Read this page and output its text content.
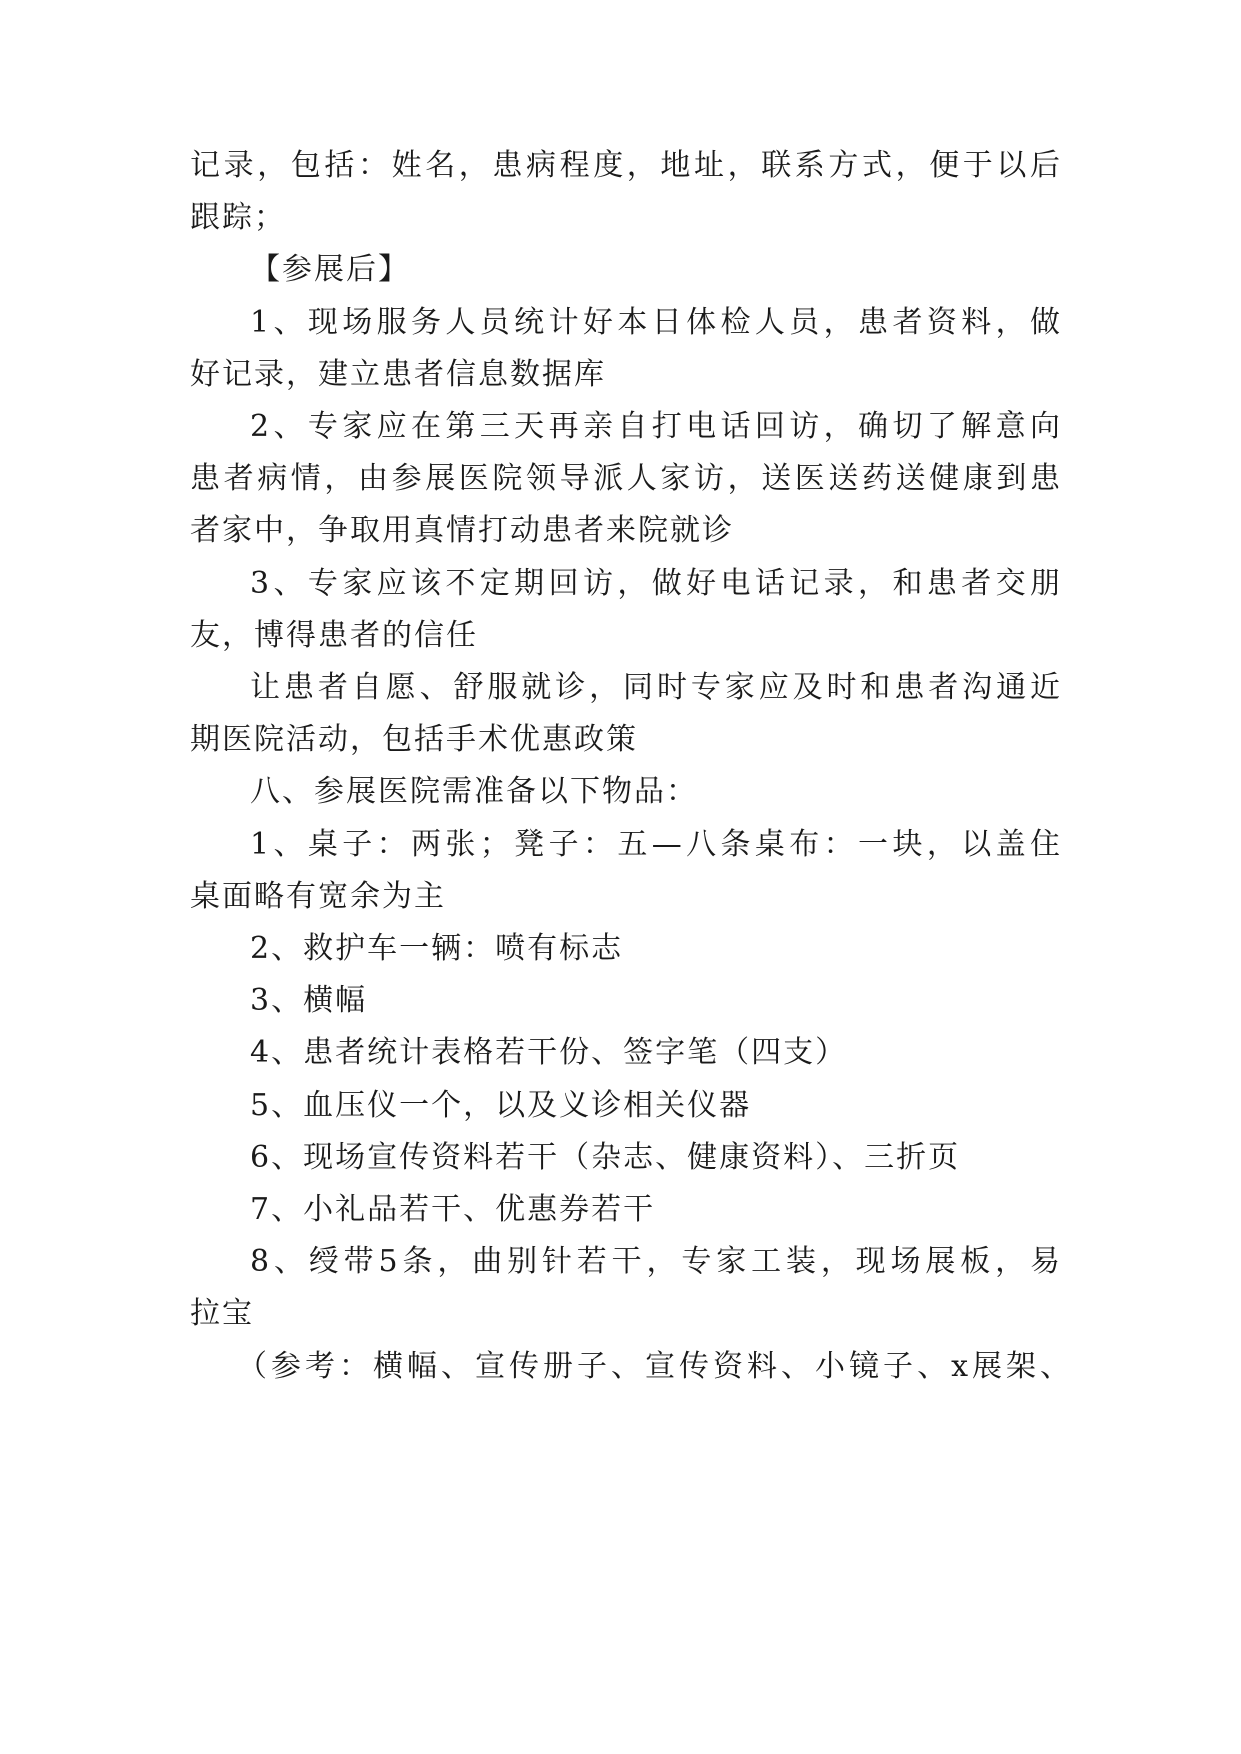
记录，包括：姓名，患病程度，地址，联系方式，便于以后
跟踪；
【参展后】
1、现场服务人员统计好本日体检人员，患者资料，做
好记录，建立患者信息数据库
2、专家应在第三天再亲自打电话回访，确切了解意向
患者病情，由参展医院领导派人家访，送医送药送健康到患
者家中，争取用真情打动患者来院就诊
3、专家应该不定期回访，做好电话记录，和患者交朋
友，博得患者的信任
让患者自愿、舒服就诊，同时专家应及时和患者沟通近
期医院活动，包括手术优惠政策
八、参展医院需准备以下物品：
1、桌子：两张；凳子：五—八条桌布：一块，以盖住
桌面略有宽余为主
2、救护车一辆：喷有标志
3、横幅
4、患者统计表格若干份、签字笔（四支）
5、血压仪一个，以及义诊相关仪器
6、现场宣传资料若干（杂志、健康资料）、三折页
7、小礼品若干、优惠券若干
8、绶带5条，曲别针若干，专家工装，现场展板，易
拉宝
（参考：横幅、宣传册子、宣传资料、小镜子、x展架、
